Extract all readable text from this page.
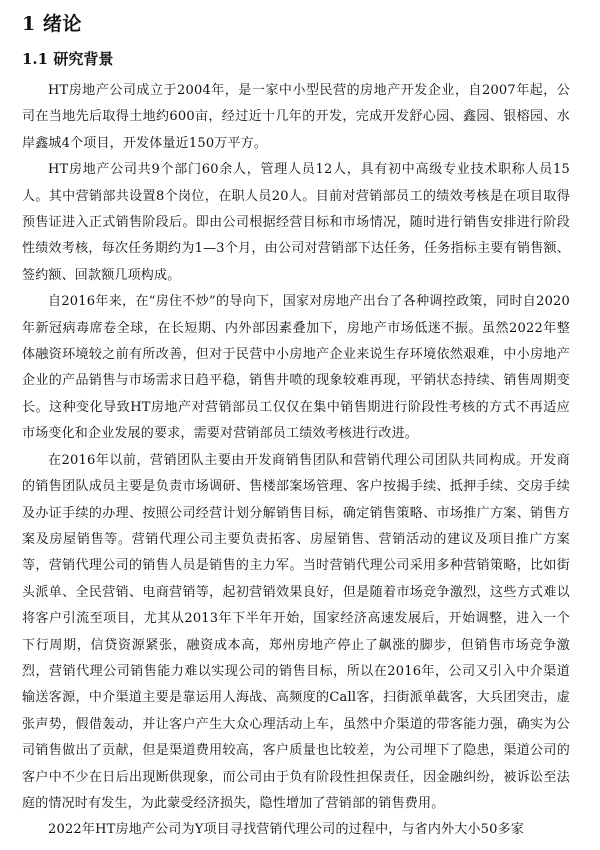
1 绪论
1.1 研究背景

HT房地产公司成立于2004年，是一家中小型民营的房地产开发企业，自2007年起，公司在当地先后取得土地约600亩，经过近十几年的开发，完成开发舒心园、鑫园、银榕园、水岸鑫城4个项目，开发体量近150万平方。

HT房地产公司共9个部门60余人，管理人员12人，具有初中高级专业技术职称人员15人。其中营销部共设置8个岗位，在职人员20人。目前对营销部员工的绩效考核是在项目取得预售证进入正式销售阶段后。即由公司根据经营目标和市场情况，随时进行销售安排进行阶段性绩效考核，每次任务期约为1—3个月，由公司对营销部下达任务，任务指标主要有销售额、签约额、回款额几项构成。

自2016年来，在“房住不炒”的导向下，国家对房地产出台了各种调控政策，同时自2020年新冠病毒席卷全球，在长短期、内外部因素叠加下，房地产市场低迷不振。虽然2022年整体融资环境较之前有所改善，但对于民营中小房地产企业来说生存环境依然艰难，中小房地产企业的产品销售与市场需求日趋平稳，销售井喷的现象较难再现，平销状态持续、销售周期变长。这种变化导致HT房地产对营销部员工仅仅在集中销售期进行阶段性考核的方式不再适应市场变化和企业发展的要求，需要对营销部员工绩效考核进行改进。

在2016年以前，营销团队主要由开发商销售团队和营销代理公司团队共同构成。开发商的销售团队成员主要是负责市场调研、售楼部案场管理、客户按揭手续、抵押手续、交房手续及办证手续的办理、按照公司经营计划分解销售目标，确定销售策略、市场推广方案、销售方案及房屋销售等。营销代理公司主要负责拓客、房屋销售、营销活动的建议及项目推广方案等，营销代理公司的销售人员是销售的主力军。当时营销代理公司采用多种营销策略，比如街头派单、全民营销、电商营销等，起初营销效果良好，但是随着市场竞争激烈，这些方式难以将客户引流至项目，尤其从2013年下半年开始，国家经济高速发展后，开始调整，进入一个下行周期，信贷资源紧张，融资成本高，郑州房地产停止了飙涨的脚步，但销售市场竞争激烈，营销代理公司销售能力难以实现公司的销售目标，所以在2016年，公司又引入中介渠道输送客源，中介渠道主要是靠运用人海战、高频度的Call客，扫街派单截客，大兵团突击，虚张声势，假借轰动，并让客户产生大众心理活动上车，虽然中介渠道的带客能力强，确实为公司销售做出了贡献，但是渠道费用较高，客户质量也比较差，为公司埋下了隐患，渠道公司的客户中不少在日后出现断供现象，而公司由于负有阶段性担保责任，因金融纠纷，被诉讼至法庭的情况时有发生，为此蒙受经济损失，隐性增加了营销部的销售费用。

2022年HT房地产公司为Y项目寻找营销代理公司的过程中，与省内外大小50多家
